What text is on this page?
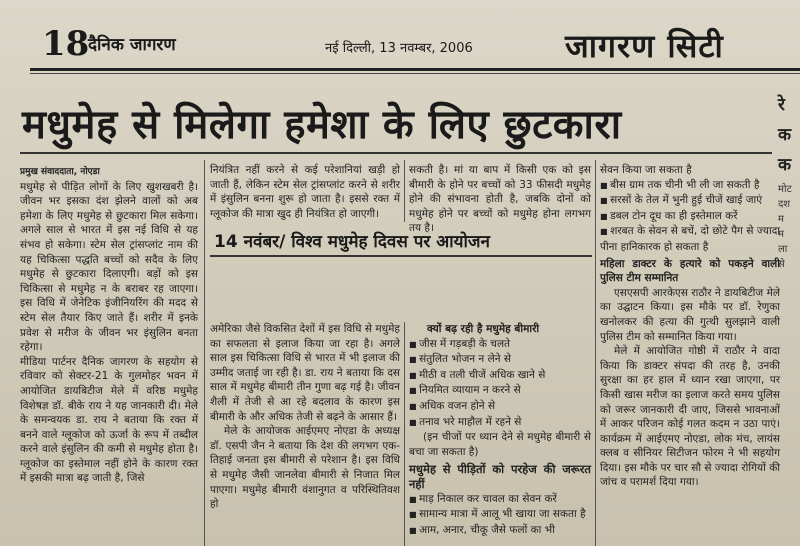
18
दैनिक जागरण	नई दिल्ली, 13 नवम्बर, 2006	जागरण सिटी
मधुमेह से मिलेगा हमेशा के लिए छुटकारा	रे
क
क
मोट
दश
म
म
ला
से

प्रमुख संवाददाता, नोएडा

मधुमेह से पीड़ित लोगों के लिए खुशखबरी है। जीवन भर इसका दंश झेलने वालों को अब हमेशा के लिए मधुमेह से छुटकारा मिल सकेगा। अगले साल से भारत में इस नई विधि से यह संभव हो सकेगा। स्टेम सेल ट्रांसप्लांट नाम की यह चिकित्सा पद्धति बच्चों को सदैव के लिए मधुमेह से छुटकारा दिलाएगी। बड़ों को इस चिकित्सा से मधुमेह न के बराबर रह जाएगा। इस विधि में जेनेटिक इंजीनियरिंग की मदद से स्टेम सेल तैयार किए जाते हैं। शरीर में इनके प्रवेश से मरीज के जीवन भर इंसुलिन बनता रहेगा।

मीडिया पार्टनर दैनिक जागरण के सहयोग से रविवार को सेक्टर-21 के गुलमोहर भवन में आयोजित डायबिटीज मेले में वरिष्ठ मधुमेह विशेषज्ञ डॉ. बीके राय ने यह जानकारी दी। मेले के समन्वयक डा. राय ने बताया कि रक्त में बनने वाले ग्लूकोज को ऊर्जा के रूप में तब्दील करने वाले इंसुलिन की कमी से मधुमेह होता है। ग्लूकोज का इस्तेमाल नहीं होने के कारण रक्त में इसकी मात्रा बढ़ जाती है, जिसे

नियंत्रित नहीं करने से कई परेशानियां खड़ी हो जाती हैं, लेकिन स्टेम सेल ट्रांसप्लांट करने से शरीर में इंसुलिन बनना शुरू हो जाता है। इससे रक्त में ग्लूकोज की मात्रा खुद ही नियंत्रित हो जाएगी।

सकती है। मां या बाप में किसी एक को इस बीमारी के होने पर बच्चों को 33 फीसदी मधुमेह होने की संभावना होती है, जबकि दोनों को मधुमेह होने पर बच्चों को मधुमेह होना लगभग तय है।

14 नवंबर/ विश्व मधुमेह दिवस पर आयोजन

अमेरिका जैसे विकसित देशों में इस विधि से मधुमेह का सफलता से इलाज किया जा रहा है। अगले साल इस चिकित्सा विधि से भारत में भी इलाज की उम्मीद जताई जा रही है। डा. राय ने बताया कि दस साल में मधुमेह बीमारी तीन गुणा बढ़ गई है। जीवन शैली में तेजी से आ रहे बदलाव के कारण इस बीमारी के और अधिक तेजी से बढ़ने के आसार हैं।

मेले के आयोजक आईएमए नोएडा के अध्यक्ष डॉ. एसपी जैन ने बताया कि देश की लगभग एक-तिहाई जनता इस बीमारी से परेशान है। इस विधि से मधुमेह जैसी जानलेवा बीमारी से निजात मिल पाएगा। मधुमेह बीमारी वंशानुगत व परिस्थितिवश हो

क्यों बढ़ रही है मधुमेह बीमारी

■ जीस में गड़बड़ी के चलते

■ संतुलित भोजन न लेने से

■ मीठी व तली चीजें अधिक खाने से

■ नियमित व्यायाम न करने से

■ अधिक वजन होने से

■ तनाव भरे माहौल में रहने से

(इन चीजों पर ध्यान देने से मधुमेह बीमारी से बचा जा सकता है)

मधुमेह से पीड़ितों को परहेज की जरूरत नहीं

■ माड़ निकाल कर चावल का सेवन करें

■ सामान्य मात्रा में आलू भी खाया जा सकता है

■ आम, अनार, चीकू जैसे फलों का भी

सेवन किया जा सकता है

■ बीस ग्राम तक चीनी भी ली जा सकती है

■ सरसों के तेल में भुनी हुई चीजें खाई जाएं

■ डबल टोन दूध का ही इस्तेमाल करें

■ शरबत के सेवन से बचें, दो छोटे पैग से ज्यादा पीना हानिकारक हो सकता है

महिला डाक्टर के हत्यारे को पकड़ने वाली पुलिस टीम सम्मानित

एसएसपी आरकेएस राठौर ने डायबिटीज मेले का उद्घाटन किया। इस मौके पर डॉ. रेणुका खनोलकर की हत्या की गुत्थी सुलझाने वाली पुलिस टीम को सम्मानित किया गया।

मेले में आयोजित गोष्ठी में राठौर ने वादा किया कि डाक्टर संपदा की तरह है, उनकी सुरक्षा का हर हाल में ध्यान रखा जाएगा, पर किसी खास मरीज का इलाज करते समय पुलिस को जरूर जानकारी दी जाए, जिससे भावनाओं में आकर परिजन कोई गलत कदम न उठा पाएं। कार्यक्रम में आईएमए नोएडा, लोक मंच, लायंस क्लब व सीनियर सिटीजन फोरम ने भी सहयोग दिया। इस मौके पर चार सौ से ज्यादा रोगियों की जांच व परामर्श दिया गया।
